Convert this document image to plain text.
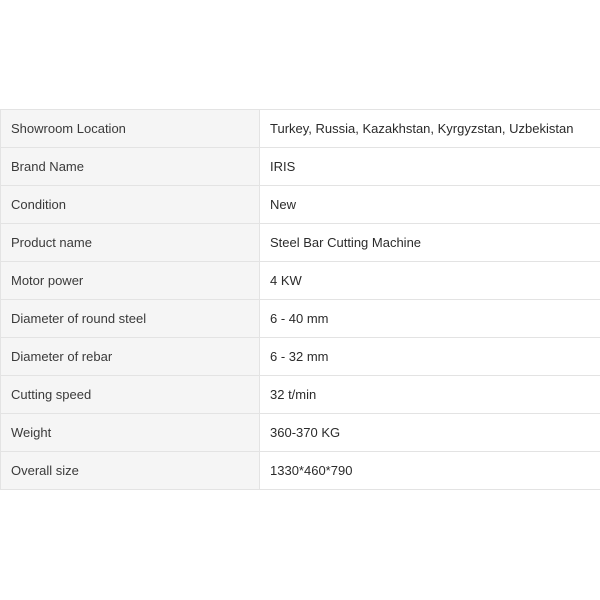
Showroom Location	Turkey, Russia, Kazakhstan, Kyrgyzstan, Uzbekistan
Brand Name	IRIS
Condition	New
Product name	Steel Bar Cutting Machine
Motor power	4 KW
Diameter of round steel	6 - 40 mm
Diameter of rebar	6 - 32 mm
Cutting speed	32 t/min
Weight	360-370 KG
Overall size	1330*460*790
